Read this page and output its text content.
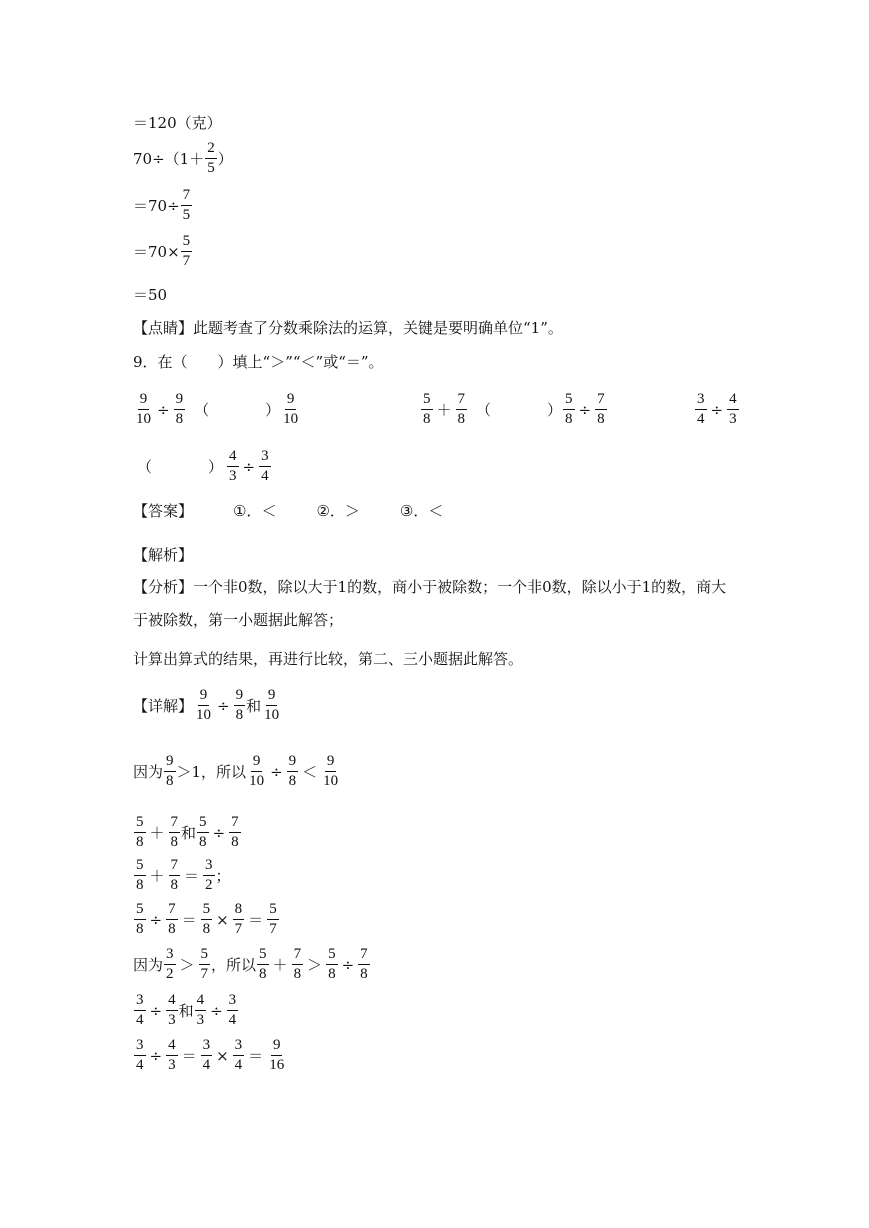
＝120（克）
$70\div(1+ \frac{2}{5}$ ）
$=70\div \frac{7}{5}$
$=70\times \frac{5}{7}$
＝50
【点睛】此题考查了分数乘除法的运算，关键是要明确单位“1”。
9．在（　　）填上“＞”“＜”或“＝”。
$\frac{9}{10} \div \frac{9}{8}$ （	） $\frac{9}{10}$	$\frac{5}{8} + \frac{7}{8}$ （	） $\frac{5}{8} \div \frac{7}{8}$	$\frac{3}{4} \div \frac{4}{3}$
（	） $\frac{4}{3} \div \frac{3}{4}$
【答案】	①．＜	②．＞	③．＜
【解析】
【分析】一个非0数，除以大于1的数，商小于被除数；一个非0数，除以小于1的数，商大于被除数，第一小题据此解答；
计算出算式的结果，再进行比较，第二、三小题据此解答。
【详解】 $\frac{9}{10} \div \frac{9}{8}$ 和 $\frac{9}{10}$
因为 $\frac{9}{8} >1$，所以 $\frac{9}{10} \div \frac{9}{8} < \frac{9}{10}$
$\frac{5}{8} + \frac{7}{8}$ 和 $\frac{5}{8} \div \frac{7}{8}$
$\frac{5}{8} + \frac{7}{8} = \frac{3}{2}$ ；
$\frac{5}{8} \div \frac{7}{8} = \frac{5}{8} \times \frac{8}{7} = \frac{5}{7}$
因为 $\frac{3}{2} > \frac{5}{7}$ ，所以 $\frac{5}{8} + \frac{7}{8} > \frac{5}{8} \div \frac{7}{8}$
$\frac{3}{4} \div \frac{4}{3}$ 和 $\frac{4}{3} \div \frac{3}{4}$
$\frac{3}{4} \div \frac{4}{3} = \frac{3}{4} \times \frac{3}{4} = \frac{9}{16}$
